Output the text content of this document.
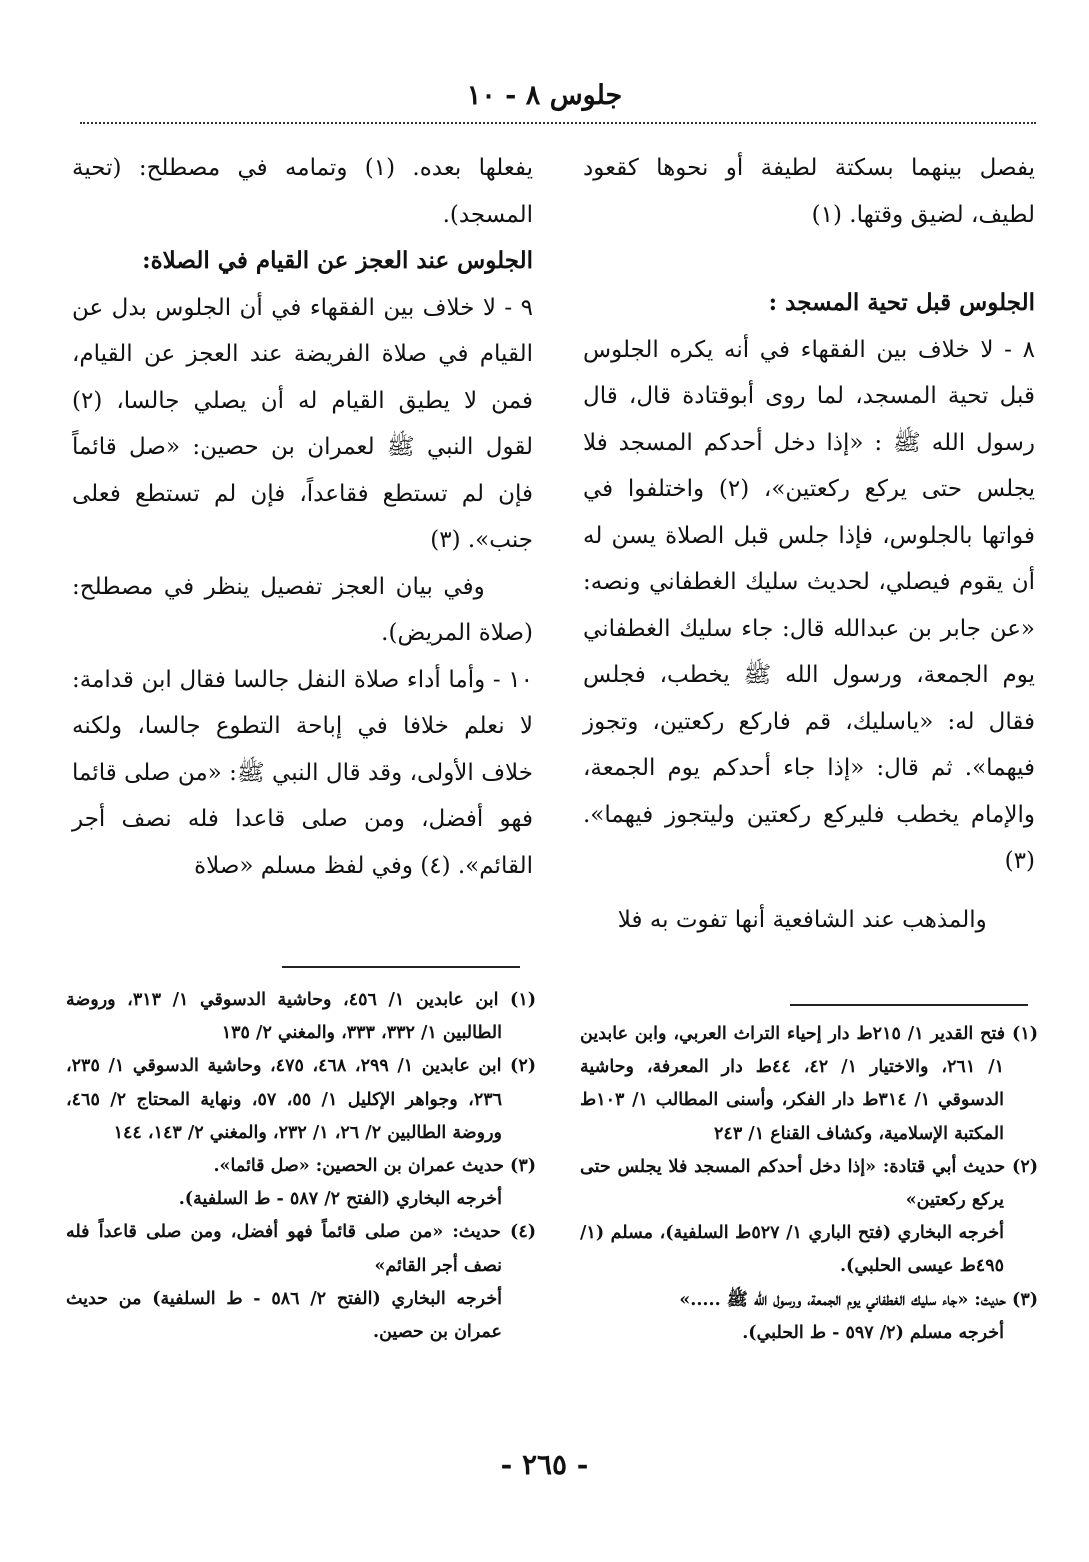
جلوس ٨ - ١٠

يفصل بينهما بسكتة لطيفة أو نحوها كقعود لطيف، لضيق وقتها. (١)

الجلوس قبل تحية المسجد :

٨ - لا خلاف بين الفقهاء في أنه يكره الجلوس قبل تحية المسجد، لما روى أبوقتادة قال، قال رسول الله ﷺ : «إذا دخل أحدكم المسجد فلا يجلس حتى يركع ركعتين»، (٢) واختلفوا في فواتها بالجلوس، فإذا جلس قبل الصلاة يسن له أن يقوم فيصلي، لحديث سليك الغطفاني ونصه: «عن جابر بن عبدالله قال: جاء سليك الغطفاني يوم الجمعة، ورسول الله ﷺ يخطب، فجلس فقال له: «ياسليك، قم فاركع ركعتين، وتجوز فيهما». ثم قال: «إذا جاء أحدكم يوم الجمعة، والإمام يخطب فليركع ركعتين وليتجوز فيهما». (٣)

والمذهب عند الشافعية أنها تفوت به فلا

يفعلها بعده. (١) وتمامه في مصطلح: (تحية المسجد).

الجلوس عند العجز عن القيام في الصلاة:

٩ - لا خلاف بين الفقهاء في أن الجلوس بدل عن القيام في صلاة الفريضة عند العجز عن القيام، فمن لا يطيق القيام له أن يصلي جالسا، (٢) لقول النبي ﷺ لعمران بن حصين: «صل قائماً فإن لم تستطع فقاعداً، فإن لم تستطع فعلى جنب». (٣)

وفي بيان العجز تفصيل ينظر في مصطلح: (صلاة المريض).

١٠ - وأما أداء صلاة النفل جالسا فقال ابن قدامة: لا نعلم خلافا في إباحة التطوع جالسا، ولكنه خلاف الأولى، وقد قال النبي ﷺ: «من صلى قائما فهو أفضل، ومن صلى قاعدا فله نصف أجر القائم». (٤) وفي لفظ مسلم «صلاة

(١) فتح القدير ١/ ٢١٥ط دار إحياء التراث العربي، وابن عابدين ١/ ٢٦١، والاختيار ١/ ٤٢، ٤٤ط دار المعرفة، وحاشية الدسوقي ١/ ٣١٤ط دار الفكر، وأسنى المطالب ١/ ١٠٣ط المكتبة الإسلامية، وكشاف القناع ١/ ٢٤٣

(٢) حديث أبي قتادة: «إذا دخل أحدكم المسجد فلا يجلس حتى يركع ركعتين»

أخرجه البخاري (فتح الباري ١/ ٥٢٧ط السلفية)، مسلم (١/ ٤٩٥ط عيسى الحلبي).

(٣) حديث: «جاء سليك الغطفاني يوم الجمعة، ورسول الله ﷺ .....»

أخرجه مسلم (٢/ ٥٩٧ - ط الحلبي).

(١) ابن عابدين ١/ ٤٥٦، وحاشية الدسوقي ١/ ٣١٣، وروضة الطالبين ١/ ٣٣٢، ٣٣٣، والمغني ٢/ ١٣٥

(٢) ابن عابدين ١/ ٢٩٩، ٤٦٨، ٤٧٥، وحاشية الدسوقي ١/ ٢٣٥، ٢٣٦، وجواهر الإكليل ١/ ٥٥، ٥٧، ونهاية المحتاج ٢/ ٤٦٥، وروضة الطالبين ٢/ ٢٦، ١/ ٢٣٢، والمغني ٢/ ١٤٣، ١٤٤

(٣) حديث عمران بن الحصين: «صل قائما».

أخرجه البخاري (الفتح ٢/ ٥٨٧ - ط السلفية).

(٤) حديث: «من صلى قائماً فهو أفضل، ومن صلى قاعداً فله نصف أجر القائم»

أخرجه البخاري (الفتح ٢/ ٥٨٦ - ط السلفية) من حديث عمران بن حصين.

- ٢٦٥ -
